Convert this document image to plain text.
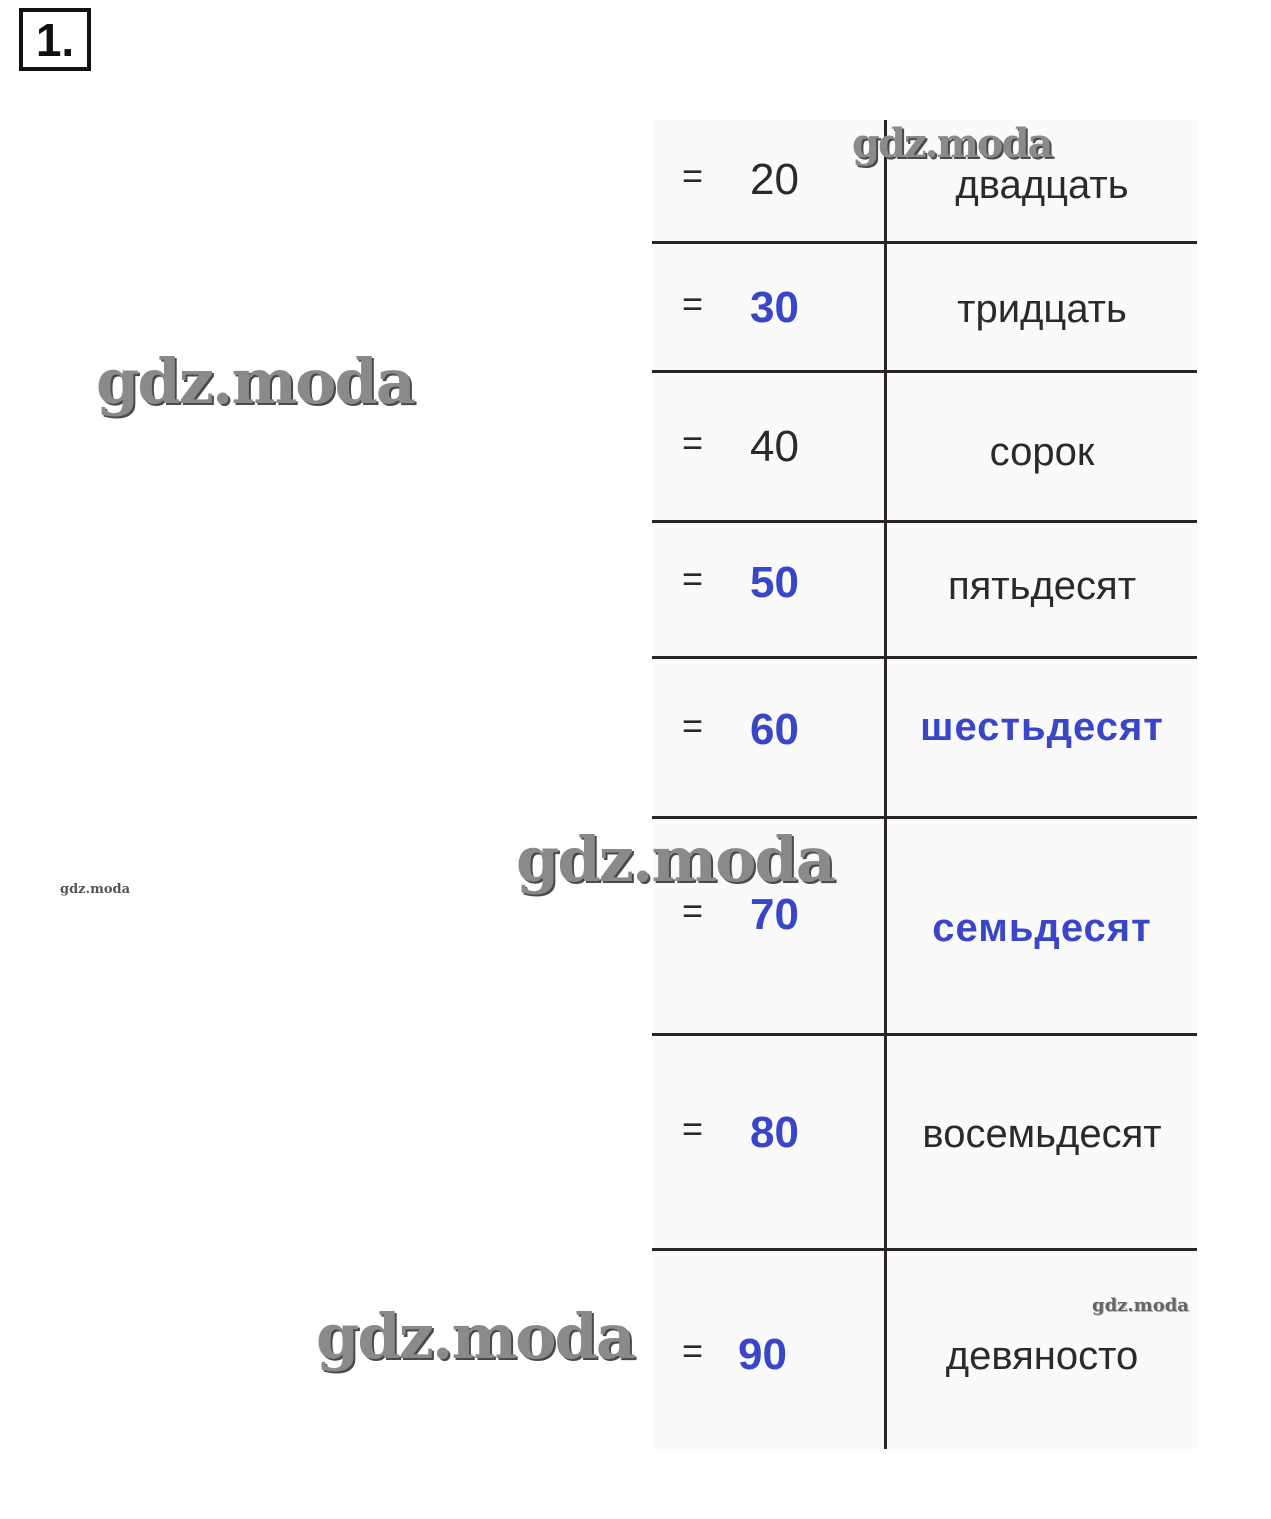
1.
= 20	двадцать
= 30	тридцать
= 40	сорок
= 50	пятьдесят
= 60	шестьдесят
= 70	семьдесят
= 80	восемьдесят
= 90	девяносто
gdz.moda
gdz.moda
gdz.moda
gdz.moda
gdz.moda
gdz.moda
